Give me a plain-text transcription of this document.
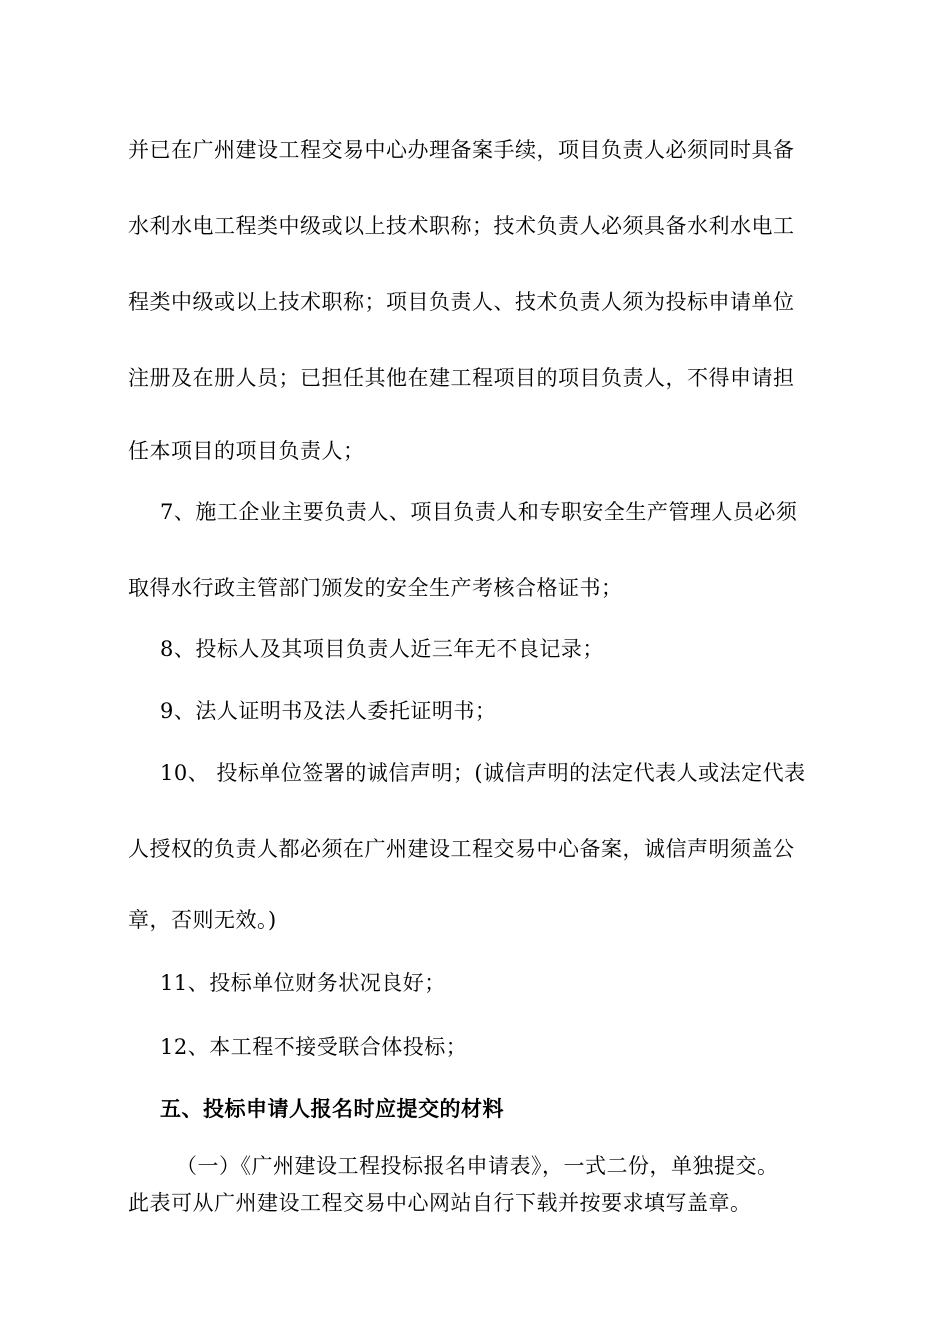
并已在广州建设工程交易中心办理备案手续，项目负责人必须同时具备
水利水电工程类中级或以上技术职称；技术负责人必须具备水利水电工
程类中级或以上技术职称；项目负责人、技术负责人须为投标申请单位
注册及在册人员；已担任其他在建工程项目的项目负责人，不得申请担
任本项目的项目负责人；
7、施工企业主要负责人、项目负责人和专职安全生产管理人员必须
取得水行政主管部门颁发的安全生产考核合格证书；
8、投标人及其项目负责人近三年无不良记录；
9、法人证明书及法人委托证明书；
10、 投标单位签署的诚信声明；(诚信声明的法定代表人或法定代表
人授权的负责人都必须在广州建设工程交易中心备案，诚信声明须盖公
章，否则无效。)
11、投标单位财务状况良好；
12、本工程不接受联合体投标；
五、投标申请人报名时应提交的材料
（一）《广州建设工程投标报名申请表》，一式二份，单独提交。
此表可从广州建设工程交易中心网站自行下载并按要求填写盖章。
